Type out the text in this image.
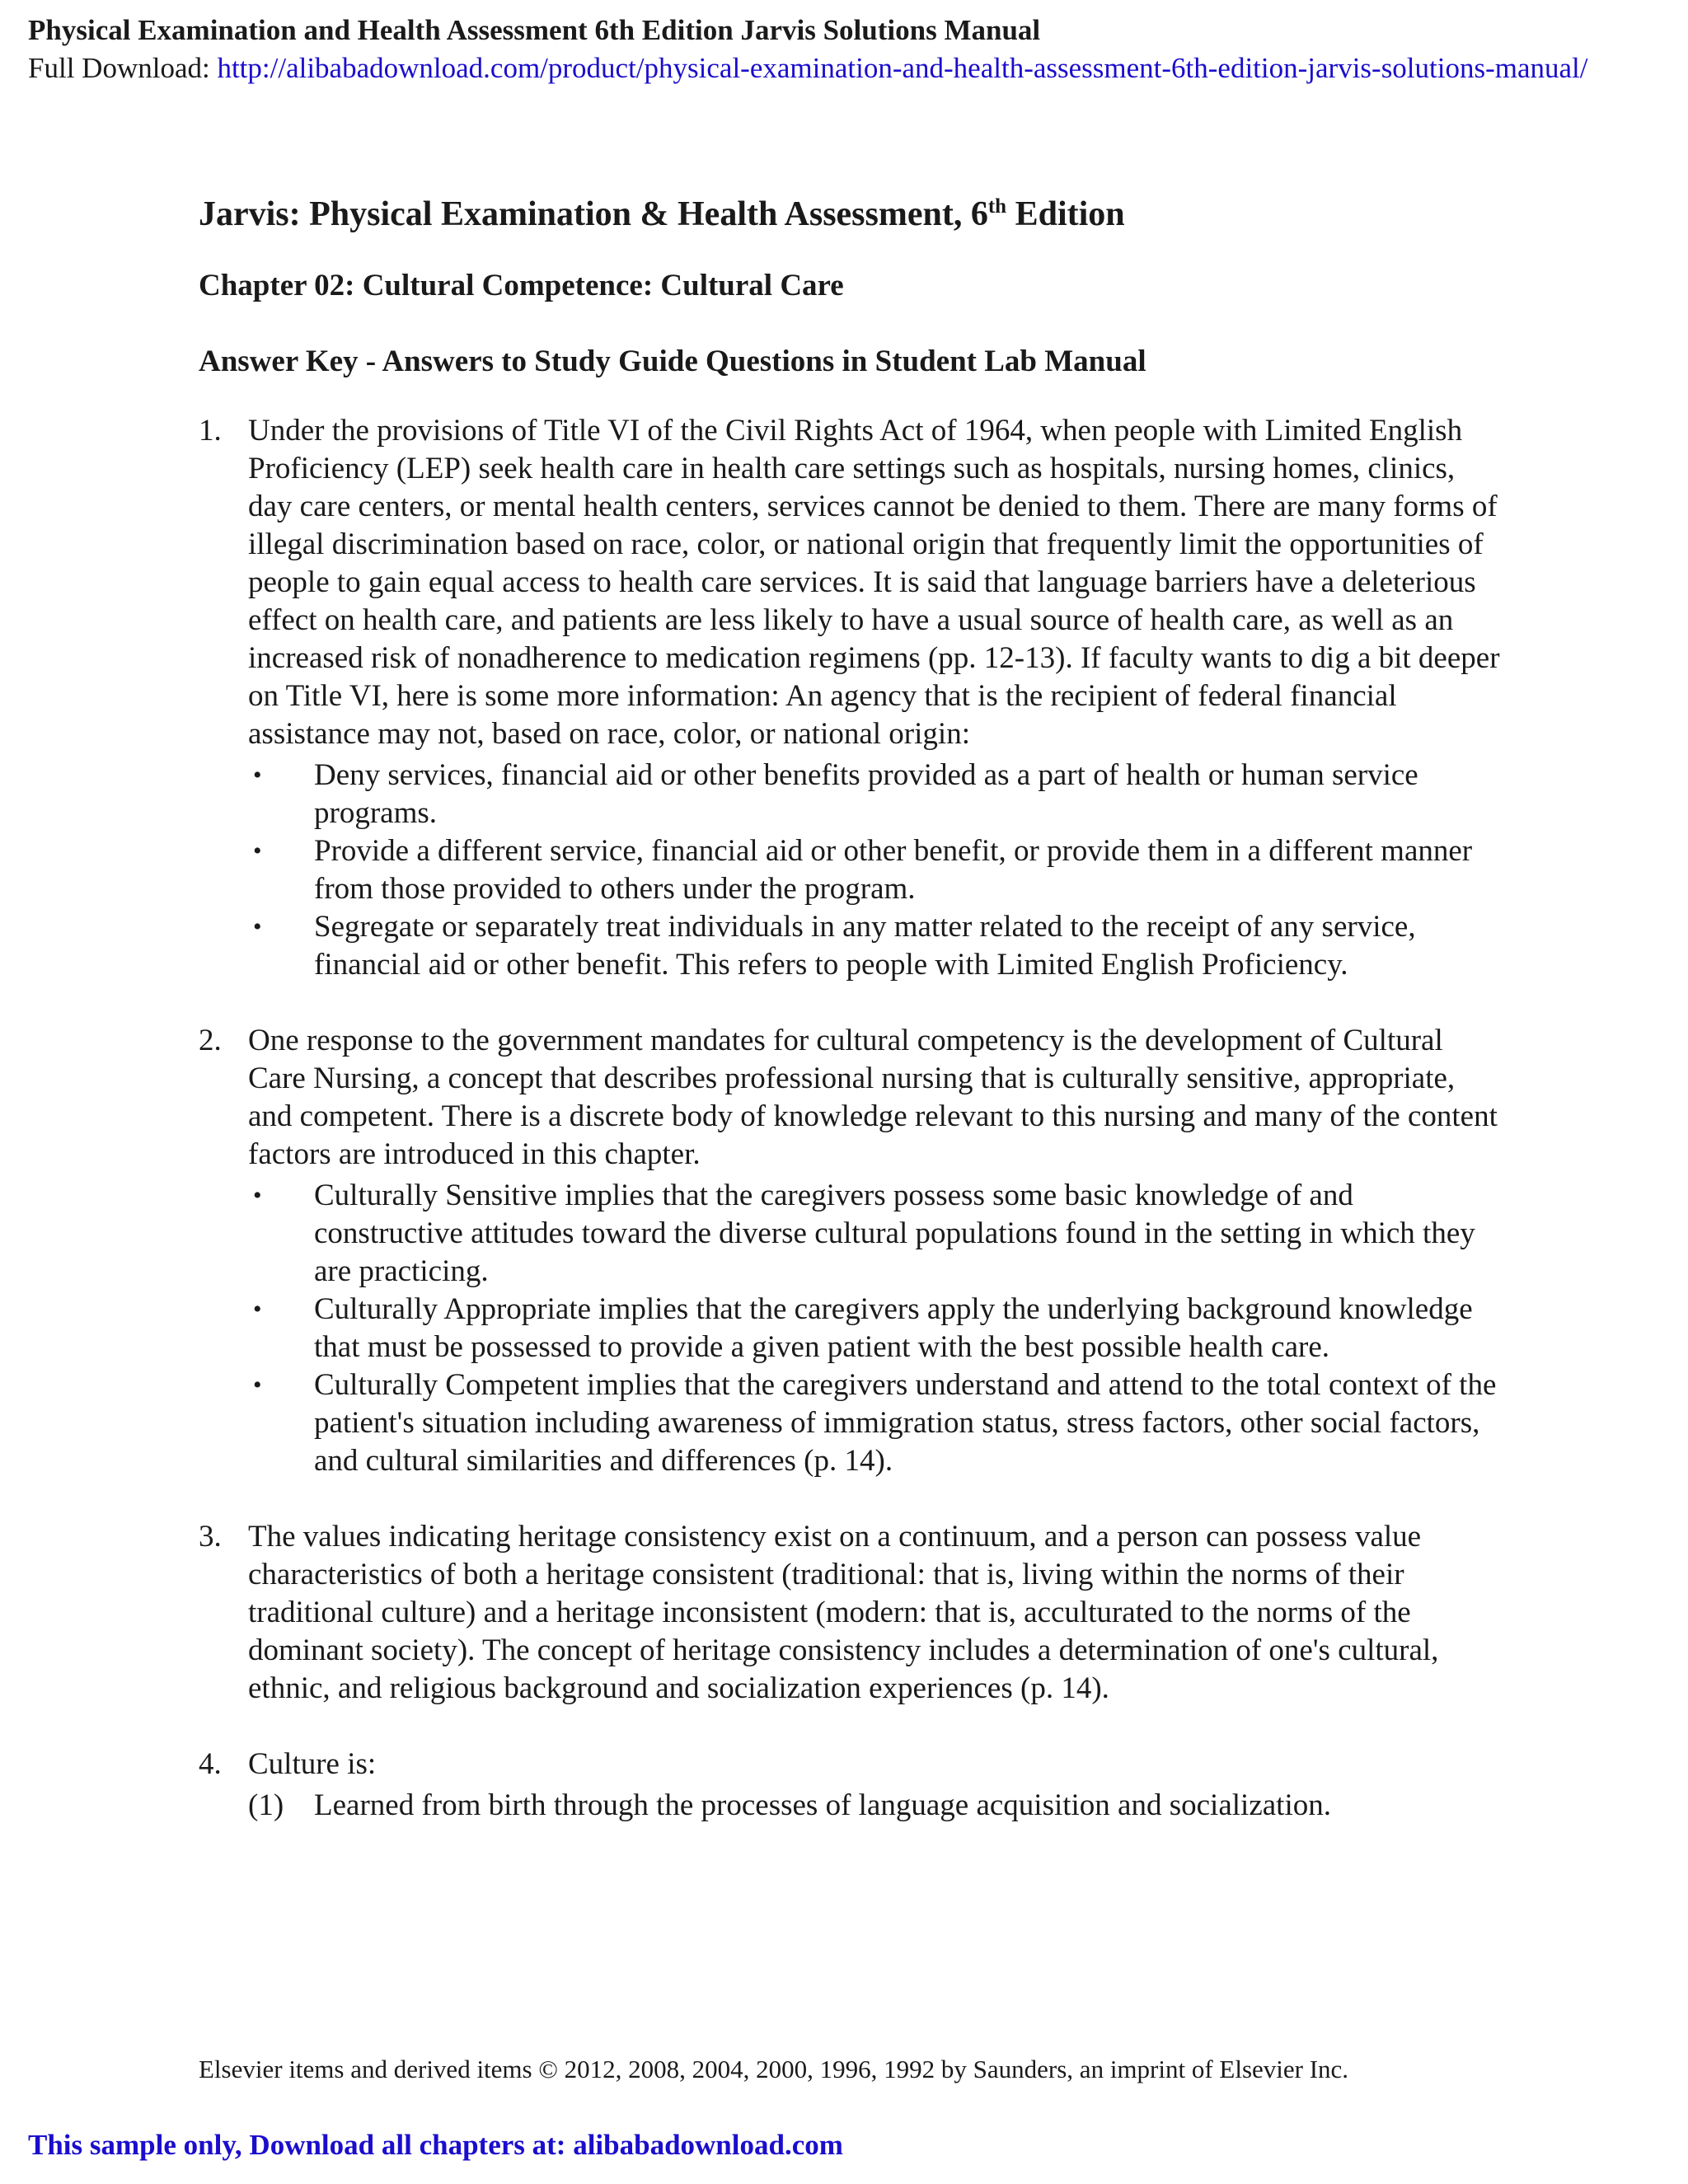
Physical Examination and Health Assessment 6th Edition Jarvis Solutions Manual
Full Download: http://alibabadownload.com/product/physical-examination-and-health-assessment-6th-edition-jarvis-solutions-manual/
Jarvis: Physical Examination & Health Assessment, 6th Edition
Chapter 02: Cultural Competence: Cultural Care
Answer Key - Answers to Study Guide Questions in Student Lab Manual
1. Under the provisions of Title VI of the Civil Rights Act of 1964, when people with Limited English Proficiency (LEP) seek health care in health care settings such as hospitals, nursing homes, clinics, day care centers, or mental health centers, services cannot be denied to them. There are many forms of illegal discrimination based on race, color, or national origin that frequently limit the opportunities of people to gain equal access to health care services. It is said that language barriers have a deleterious effect on health care, and patients are less likely to have a usual source of health care, as well as an increased risk of nonadherence to medication regimens (pp. 12-13). If faculty wants to dig a bit deeper on Title VI, here is some more information: An agency that is the recipient of federal financial assistance may not, based on race, color, or national origin:
• Deny services, financial aid or other benefits provided as a part of health or human service programs.
• Provide a different service, financial aid or other benefit, or provide them in a different manner from those provided to others under the program.
• Segregate or separately treat individuals in any matter related to the receipt of any service, financial aid or other benefit. This refers to people with Limited English Proficiency.
2. One response to the government mandates for cultural competency is the development of Cultural Care Nursing, a concept that describes professional nursing that is culturally sensitive, appropriate, and competent. There is a discrete body of knowledge relevant to this nursing and many of the content factors are introduced in this chapter.
• Culturally Sensitive implies that the caregivers possess some basic knowledge of and constructive attitudes toward the diverse cultural populations found in the setting in which they are practicing.
• Culturally Appropriate implies that the caregivers apply the underlying background knowledge that must be possessed to provide a given patient with the best possible health care.
• Culturally Competent implies that the caregivers understand and attend to the total context of the patient's situation including awareness of immigration status, stress factors, other social factors, and cultural similarities and differences (p. 14).
3. The values indicating heritage consistency exist on a continuum, and a person can possess value characteristics of both a heritage consistent (traditional: that is, living within the norms of their traditional culture) and a heritage inconsistent (modern: that is, acculturated to the norms of the dominant society). The concept of heritage consistency includes a determination of one's cultural, ethnic, and religious background and socialization experiences (p. 14).
4. Culture is:
(1) Learned from birth through the processes of language acquisition and socialization.
Elsevier items and derived items © 2012, 2008, 2004, 2000, 1996, 1992 by Saunders, an imprint of Elsevier Inc.
This sample only, Download all chapters at: alibabadownload.com
